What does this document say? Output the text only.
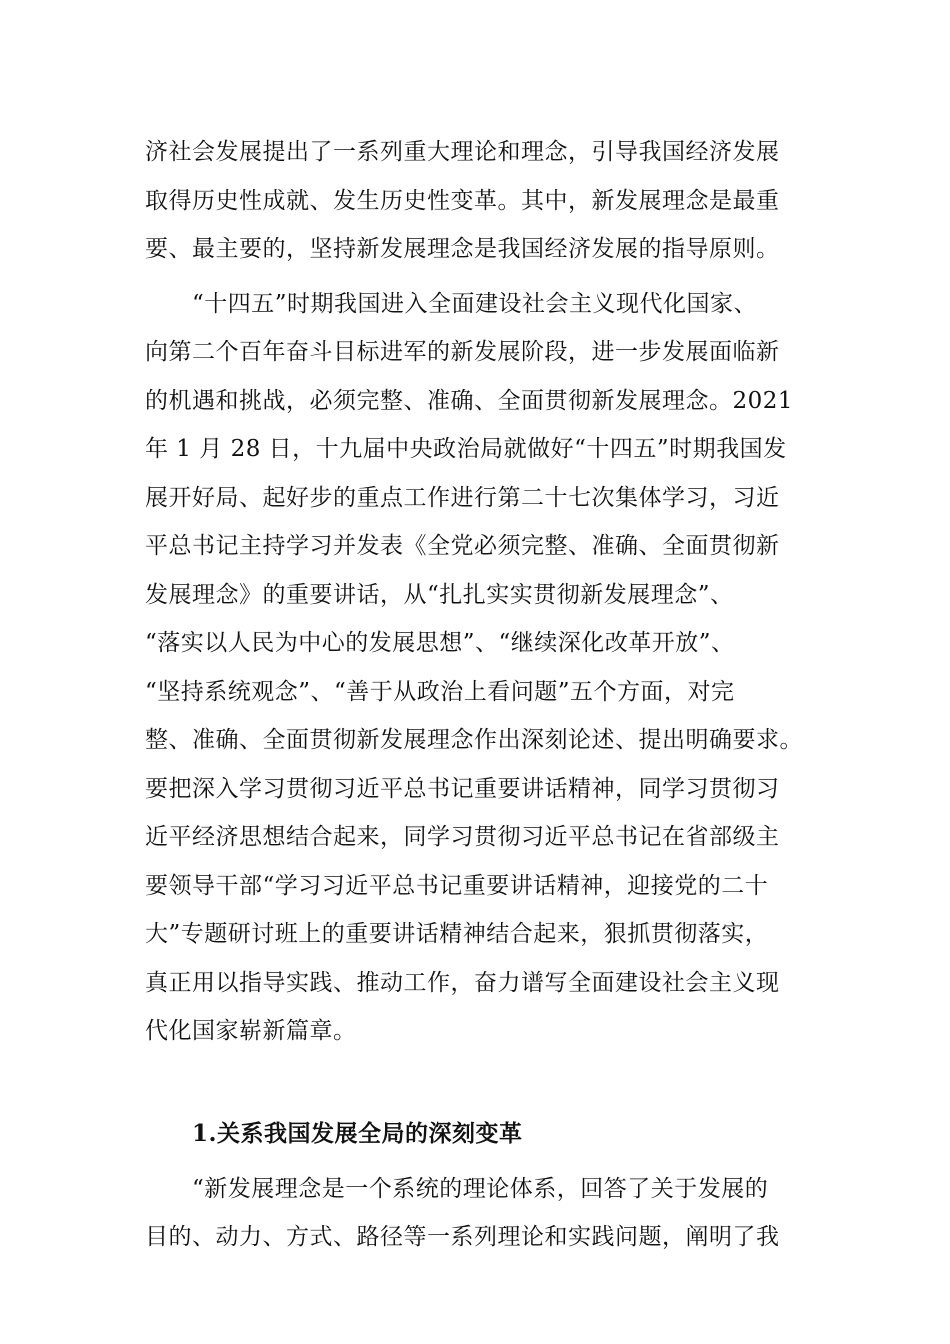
济社会发展提出了一系列重大理论和理念，引导我国经济发展
取得历史性成就、发生历史性变革。其中，新发展理念是最重
要、最主要的，坚持新发展理念是我国经济发展的指导原则。
“十四五”时期我国进入全面建设社会主义现代化国家、
向第二个百年奋斗目标进军的新发展阶段，进一步发展面临新
的机遇和挑战，必须完整、准确、全面贯彻新发展理念。2021
年 1 月 28 日，十九届中央政治局就做好“十四五”时期我国发
展开好局、起好步的重点工作进行第二十七次集体学习，习近
平总书记主持学习并发表《全党必须完整、准确、全面贯彻新
发展理念》的重要讲话，从“扎扎实实贯彻新发展理念”、
“落实以人民为中心的发展思想”、“继续深化改革开放”、
“坚持系统观念”、“善于从政治上看问题”五个方面，对完
整、准确、全面贯彻新发展理念作出深刻论述、提出明确要求。
要把深入学习贯彻习近平总书记重要讲话精神，同学习贯彻习
近平经济思想结合起来，同学习贯彻习近平总书记在省部级主
要领导干部“学习习近平总书记重要讲话精神，迎接党的二十
大”专题研讨班上的重要讲话精神结合起来，狠抓贯彻落实，
真正用以指导实践、推动工作，奋力谱写全面建设社会主义现
代化国家崭新篇章。
1.关系我国发展全局的深刻变革
“新发展理念是一个系统的理论体系，回答了关于发展的
目的、动力、方式、路径等一系列理论和实践问题，阐明了我
